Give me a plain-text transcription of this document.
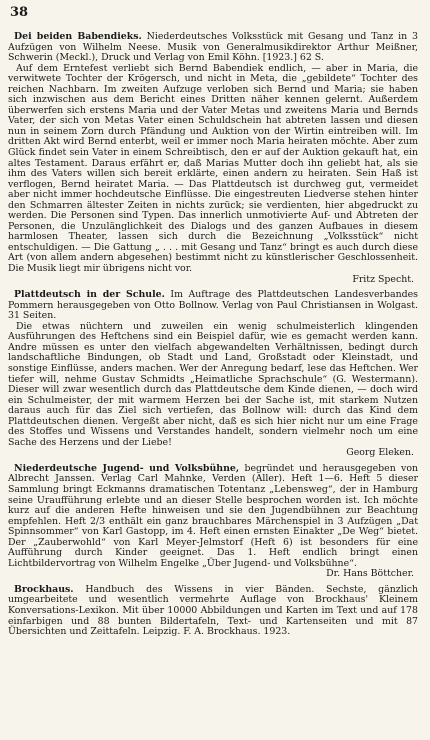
38

Dei beiden Babendieks. Niederdeutsches Volksstück mit Gesang und Tanz in 3 Aufzügen von Wilhelm Neese. Musik von Generalmusikdirektor Arthur Meißner, Schwerin (Meckl.), Druck und Verlag von Emil Köhn. [1923.] 62 S.

Auf dem Erntefest verliebt sich Bernd Babendiek endlich, — aber in Maria, die verwitwete Tochter der Krögersch, und nicht in Meta, die „gebildete“ Tochter des reichen Nachbarn. Im zweiten Aufzuge verloben sich Bernd und Maria; sie haben sich inzwischen aus dem Bericht eines Dritten näher kennen gelernt. Außerdem überwerfen sich erstens Maria und der Vater Metas und zweitens Maria und Bernds Vater, der sich von Metas Vater einen Schuldschein hat abtreten lassen und diesen nun in seinem Zorn durch Pfändung und Auktion von der Wirtin eintreiben will. Im dritten Akt wird Bernd enterbt, weil er immer noch Maria heiraten möchte. Aber zum Glück findet sein Vater in einem Schreibtisch, den er auf der Auktion gekauft hat, ein altes Testament. Daraus erfährt er, daß Marias Mutter doch ihn geliebt hat, als sie ihm des Vaters willen sich bereit erklärte, einen andern zu heiraten. Sein Haß ist verflogen, Bernd heiratet Maria. — Das Plattdeutsch ist durchweg gut, vermeidet aber nicht immer hochdeutsche Einflüsse. Die eingestreuten Liedverse stehen hinter den Schmarren ältester Zeiten in nichts zurück; sie verdienten, hier abgedruckt zu werden. Die Personen sind Typen. Das innerlich unmotivierte Auf- und Abtreten der Personen, die Unzulänglichkeit des Dialogs und des ganzen Aufbaues in diesem harmlosen Theater, lassen sich durch die Bezeichnung „Volksstück“ nicht entschuldigen. — Die Gattung „ . . . mit Gesang und Tanz“ bringt es auch durch diese Art (von allem andern abgesehen) bestimmt nicht zu künstlerischer Geschlossenheit. Die Musik liegt mir übrigens nicht vor.

Fritz Specht.

Plattdeutsch in der Schule. Im Auftrage des Plattdeutschen Landesverbandes Pommern herausgegeben von Otto Bollnow. Verlag von Paul Christiansen in Wolgast. 31 Seiten.

Die etwas nüchtern und zuweilen ein wenig schulmeisterlich klingenden Ausführungen des Heftchens sind ein Beispiel dafür, wie es gemacht werden kann. Andre müssen es unter den vielfach abgewandelten Verhältnissen, bedingt durch landschaftliche Bindungen, ob Stadt und Land, Großstadt oder Kleinstadt, und sonstige Einflüsse, anders machen. Wer der Anregung bedarf, lese das Heftchen. Wer tiefer will, nehme Gustav Schmidts „Heimatliche Sprachschule“ (G. Westermann). Dieser will zwar wesentlich durch das Plattdeutsche dem Kinde dienen, — doch wird ein Schulmeister, der mit warmem Herzen bei der Sache ist, mit starkem Nutzen daraus auch für das Ziel sich vertiefen, das Bollnow will: durch das Kind dem Plattdeutschen dienen. Vergeßt aber nicht, daß es sich hier nicht nur um eine Frage des Stoffes und Wissens und Verstandes handelt, sondern vielmehr noch um eine Sache des Herzens und der Liebe!

Georg Eleken.

Niederdeutsche Jugend- und Volksbühne, begründet und herausgegeben von Albrecht Janssen. Verlag Carl Mahnke, Verden (Aller). Heft 1—6. Heft 5 dieser Sammlung bringt Eckmanns dramatischen Totentanz „Lebensweg“, der in Hamburg seine Uraufführung erlebte und an dieser Stelle besprochen worden ist. Ich möchte kurz auf die anderen Hefte hinweisen und sie den Jugendbühnen zur Beachtung empfehlen. Heft 2/3 enthält ein ganz brauchbares Märchenspiel in 3 Aufzügen „Dat Spinnsommer“ von Karl Gastopp, im 4. Heft einen ernsten Einakter „De Weg“ bietet. Der „Zauberwohld“ von Karl Meyer-Jelmstorf (Heft 6) ist besonders für eine Aufführung durch Kinder geeignet. Das 1. Heft endlich bringt einen Lichtbildervortrag von Wilhelm Engelke „Über Jugend- und Volksbühne“.

Dr. Hans Böttcher.

Brockhaus. Handbuch des Wissens in vier Bänden. Sechste, gänzlich umgearbeitete und wesentlich vermehrte Auflage von Brockhaus' Kleinem Konversations-Lexikon. Mit über 10000 Abbildungen und Karten im Text und auf 178 einfarbigen und 88 bunten Bildertafeln, Text- und Kartenseiten und mit 87 Übersichten und Zeittafeln. Leipzig. F. A. Brockhaus. 1923.
